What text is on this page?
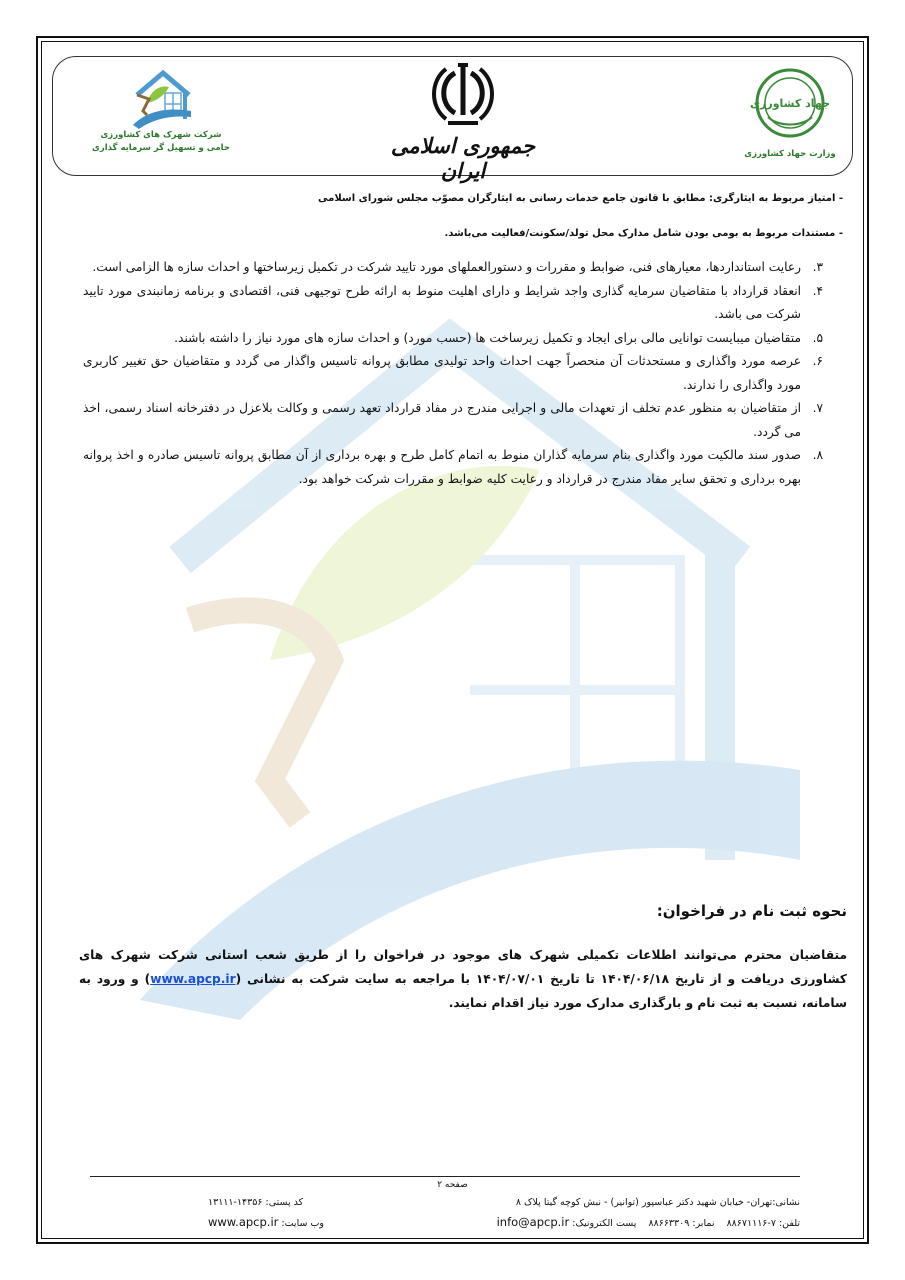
شرکت شهرک های کشاورزی
حامی و تسهیل گر سرمایه گذاری	جمهوری اسلامی ایران
جهاد کشاورزی
وزارت جهاد کشاورزی
- امتیاز مربوط به ایثارگری: مطابق با قانون جامع خدمات رسانی به ایثارگران مصوّب مجلس شورای اسلامی
- مستندات مربوط به بومی بودن شامل مدارک محل تولد/سکونت/فعالیت می‌باشد.
۳.
رعایت استانداردها، معیارهای فنی، ضوابط و مقررات و دستورالعملهای مورد تایید شرکت در تکمیل زیرساختها و احداث سازه ها الزامی است.
۴.
انعقاد قرارداد با متقاضیان سرمایه گذاری واجد شرایط و دارای اهلیت منوط به ارائه طرح توجیهی فنی، اقتصادی و برنامه زمانبندی مورد تایید شرکت می باشد.
۵.
متقاضیان میبایست توانایی مالی برای ایجاد و تکمیل زیرساخت ها (حسب مورد) و احداث سازه های مورد نیاز را داشته باشند.
۶.
عرصه مورد واگذاری و مستحدثات آن منحصراً جهت احداث واحد تولیدی مطابق پروانه تاسیس واگذار می گردد و متقاضیان حق تغییر کاربری مورد واگذاری را ندارند.
۷.
از متقاضیان به منظور عدم تخلف از تعهدات مالی و اجرایی مندرج در مفاد قرارداد تعهد رسمی و وکالت بلاعزل در دفترخانه اسناد رسمی، اخذ می گردد.
۸.
صدور سند مالکیت مورد واگذاری بنام سرمایه گذاران منوط به اتمام کامل طرح و بهره برداری از آن مطابق پروانه تاسیس صادره و اخذ پروانه بهره برداری و تحقق سایر مفاد مندرج در قرارداد و رعایت کلیه ضوابط و مقررات شرکت خواهد بود.
نحوه ثبت نام در فراخوان:
متقاضیان محترم می‌توانند اطلاعات تکمیلی شهرک های موجود در فراخوان را از طریق شعب استانی شرکت شهرک های کشاورزی دریافت و از تاریخ ۱۴۰۴/۰۶/۱۸ تا تاریخ ۱۴۰۴/۰۷/۰۱ با مراجعه به سایت شرکت به نشانی (www.apcp.ir) و ورود به سامانه، نسبت به ثبت نام و بارگذاری مدارک مورد نیاز اقدام نمایند.
صفحه ۲
نشانی:تهران- خیابان شهید دکتر عباسپور (توانیر) - نبش کوچه گیتا پلاک ۸
کد پستی: ۱۴۳۵۶-۱۳۱۱۱
تلفن: ۷-۸۸۶۷۱۱۱۶    نمابر: ۸۸۶۶۳۳۰۹    پست الکترونیک: info@apcp.ir
وب سایت: www.apcp.ir
